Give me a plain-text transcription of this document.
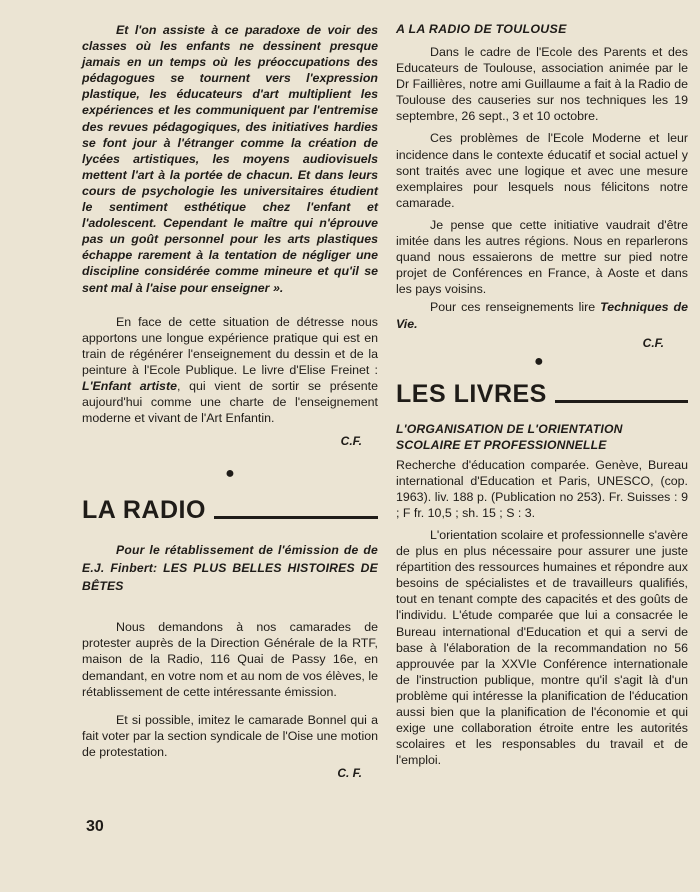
Et l'on assiste à ce paradoxe de voir des classes où les enfants ne dessinent presque jamais en un temps où les préoccupations des pédagogues se tournent vers l'expression plastique, les éducateurs d'art multiplient les expériences et les communiquent par l'entremise des revues pédagogiques, des initiatives hardies se font jour à l'étranger comme la création de lycées artistiques, les moyens audiovisuels mettent l'art à la portée de chacun. Et dans leurs cours de psychologie les universitaires étudient le sentiment esthétique chez l'enfant et l'adolescent. Cependant le maître qui n'éprouve pas un goût personnel pour les arts plastiques échappe rarement à la tentation de négliger une discipline considérée comme mineure et qu'il se sent mal à l'aise pour enseigner ».

En face de cette situation de détresse nous apportons une longue expérience pratique qui est en train de régénérer l'enseignement du dessin et de la peinture à l'Ecole Publique. Le livre d'Elise Freinet : L'Enfant artiste, qui vient de sortir se présente aujourd'hui comme une charte de l'enseignement moderne et vivant de l'Art Enfantin.

C.F.

●

LA RADIO

Pour le rétablissement de l'émission de de E.J. Finbert: LES PLUS BELLES HISTOIRES DE BÊTES

Nous demandons à nos camarades de protester auprès de la Direction Générale de la RTF, maison de la Radio, 116 Quai de Passy 16e, en demandant, en votre nom et au nom de vos élèves, le rétablissement de cette intéressante émission.

Et si possible, imitez le camarade Bonnel qui a fait voter par la section syndicale de l'Oise une motion de protestation.

C. F.

A LA RADIO DE TOULOUSE

Dans le cadre de l'Ecole des Parents et des Educateurs de Toulouse, association animée par le Dr Faillières, notre ami Guillaume a fait à la Radio de Toulouse des causeries sur nos techniques les 19 septembre, 26 sept., 3 et 10 octobre.

Ces problèmes de l'Ecole Moderne et leur incidence dans le contexte éducatif et social actuel y sont traités avec une logique et avec une mesure exemplaires pour lesquels nous félicitons notre camarade.

Je pense que cette initiative vaudrait d'être imitée dans les autres régions. Nous en reparlerons quand nous essaierons de mettre sur pied notre projet de Conférences en France, à Aoste et dans les pays voisins.

Pour ces renseignements lire Techniques de Vie.

C.F.

●

LES LIVRES

L'ORGANISATION DE L'ORIENTATION SCOLAIRE ET PROFESSIONNELLE

Recherche d'éducation comparée. Genève, Bureau international d'Education et Paris, UNESCO, (cop. 1963). liv. 188 p. (Publication no 253). Fr. Suisses : 9 ; F fr. 10,5 ; sh. 15 ; S : 3.

L'orientation scolaire et professionnelle s'avère de plus en plus nécessaire pour assurer une juste répartition des ressources humaines et répondre aux besoins de spécialistes et de travailleurs qualifiés, tout en tenant compte des capacités et des goûts de l'individu. L'étude comparée que lui a consacrée le Bureau international d'Education et qui a servi de base à l'élaboration de la recommandation no 56 approuvée par la XXVIe Conférence internationale de l'instruction publique, montre qu'il s'agit là d'un problème qui intéresse la planification de l'éducation aussi bien que la planification de l'économie et qui exige une collaboration étroite entre les autorités scolaires et les responsables du travail et de l'emploi.

30
